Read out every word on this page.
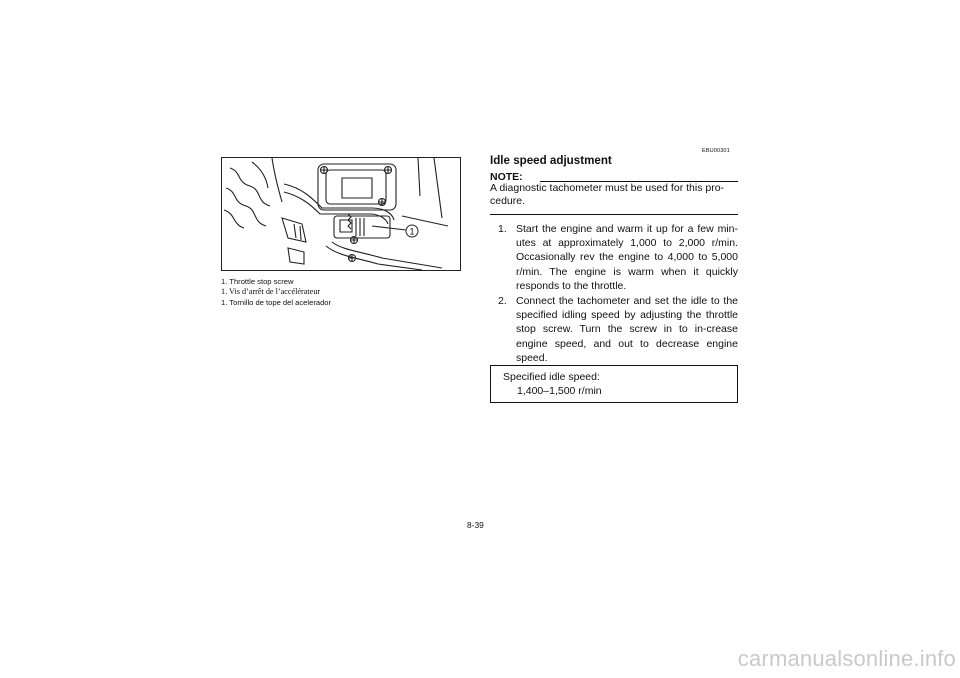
1
1. Throttle stop screw
1. Vis d’arrêt de l’accélérateur
1. Tornillo de tope del acelerador
EBU00301
Idle speed adjustment
NOTE:
A diagnostic tachometer must be used for this pro-cedure.
1. Start the engine and warm it up for a few min-utes at approximately 1,000 to 2,000 r/min. Occasionally rev the engine to 4,000 to 5,000 r/min. The engine is warm when it quickly responds to the throttle.
2. Connect the tachometer and set the idle to the specified idling speed by adjusting the throttle stop screw. Turn the screw in to in-crease engine speed, and out to decrease engine speed.
Specified idle speed:
1,400–1,500 r/min
8-39
carmanualsonline.info
